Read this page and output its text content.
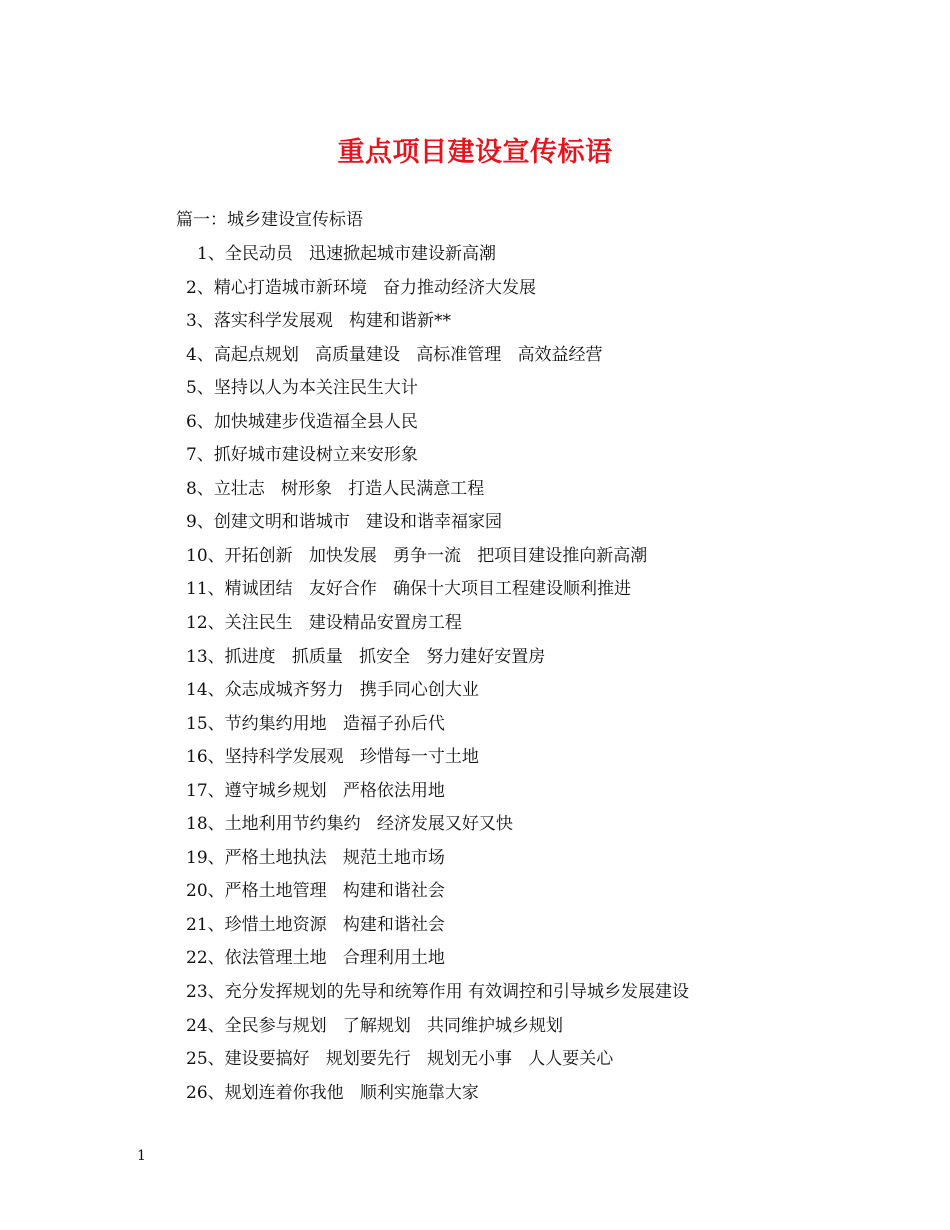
重点项目建设宣传标语
篇一：城乡建设宣传标语
1、全民动员   迅速掀起城市建设新高潮
2、精心打造城市新环境   奋力推动经济大发展
3、落实科学发展观   构建和谐新**
4、高起点规划   高质量建设   高标准管理   高效益经营
5、坚持以人为本关注民生大计
6、加快城建步伐造福全县人民
7、抓好城市建设树立来安形象
8、立壮志   树形象   打造人民满意工程
9、创建文明和谐城市   建设和谐幸福家园
10、开拓创新   加快发展   勇争一流   把项目建设推向新高潮
11、精诚团结   友好合作   确保十大项目工程建设顺利推进
12、关注民生   建设精品安置房工程
13、抓进度   抓质量   抓安全   努力建好安置房
14、众志成城齐努力   携手同心创大业
15、节约集约用地   造福子孙后代
16、坚持科学发展观   珍惜每一寸土地
17、遵守城乡规划   严格依法用地
18、土地利用节约集约   经济发展又好又快
19、严格土地执法   规范土地市场
20、严格土地管理   构建和谐社会
21、珍惜土地资源   构建和谐社会
22、依法管理土地   合理利用土地
23、充分发挥规划的先导和统筹作用 有效调控和引导城乡发展建设
24、全民参与规划   了解规划   共同维护城乡规划
25、建设要搞好   规划要先行   规划无小事   人人要关心
26、规划连着你我他   顺利实施靠大家
1
